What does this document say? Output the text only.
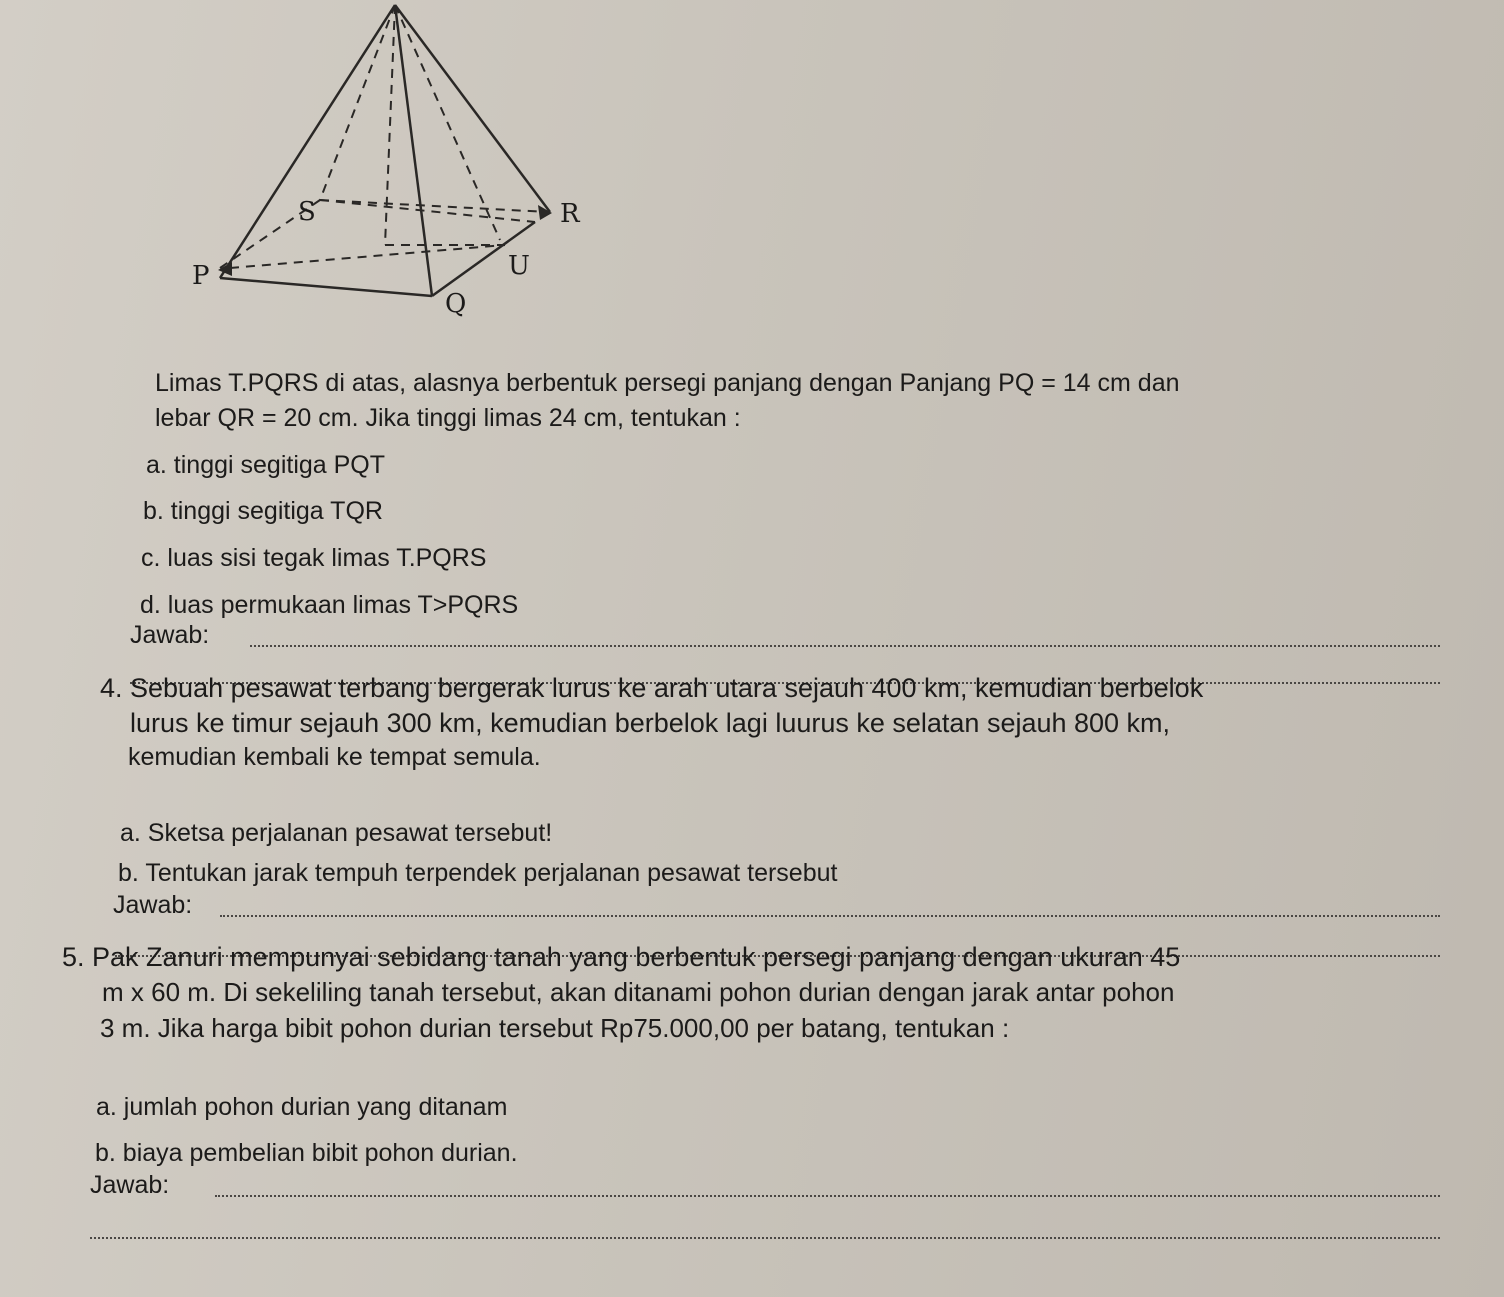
S	R
P
Q
U
Limas T.PQRS di atas, alasnya berbentuk persegi panjang dengan Panjang PQ = 14 cm dan
lebar QR = 20 cm. Jika tinggi limas 24 cm, tentukan :
a. tinggi segitiga PQT
b. tinggi segitiga TQR
c. luas sisi tegak limas T.PQRS
d. luas permukaan limas T>PQRS
Jawab:
4. Sebuah pesawat terbang bergerak lurus ke arah utara sejauh 400 km, kemudian berbelok
lurus ke timur sejauh 300 km, kemudian berbelok lagi luurus ke selatan sejauh 800 km,
kemudian kembali ke tempat semula.
a. Sketsa perjalanan pesawat tersebut!
b. Tentukan jarak tempuh terpendek perjalanan pesawat tersebut
Jawab:
5. Pak Zanuri mempunyai sebidang tanah yang berbentuk persegi panjang dengan ukuran 45
m x 60 m. Di sekeliling tanah tersebut, akan ditanami pohon durian dengan jarak antar pohon
3 m. Jika harga bibit pohon durian tersebut Rp75.000,00 per batang, tentukan :
a. jumlah pohon durian yang ditanam
b. biaya pembelian bibit pohon durian.
Jawab:
